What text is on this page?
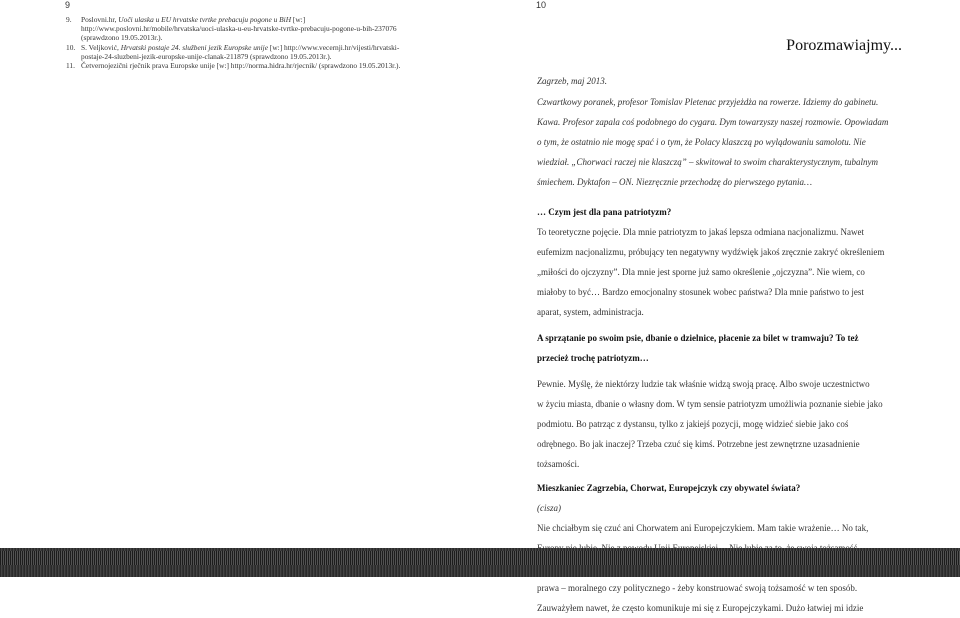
9
9. Poslovni.hr, Uoči ulaska u EU hrvatske tvrtke prebacuju pogone u BiH [w:]
http://www.poslovni.hr/mobile/hrvatska/uoci-ulaska-u-eu-hrvatske-tvrtke-prebacuju-pogone-u-bih-237076
(sprawdzono 19.05.2013r.).
10. S. Veljković, Hrvatski postaje 24. službeni jezik Europske unije [w:] http://www.vecernji.hr/vijesti/hrvatski-
postaje-24-sluzbeni-jezik-europske-unije-clanak-211879 (sprawdzono 19.05.2013r.).
11. Četvernojezični rječnik prava Europske unije [w:] http://norma.hidra.hr/rjecnik/ (sprawdzono 19.05.2013r.).
10
Porozmawiajmy...
Zagrzeb, maj 2013.
Czwartkowy poranek, profesor Tomislav Pletenac przyjeżdża na rowerze. Idziemy do gabinetu.
Kawa. Profesor zapala coś podobnego do cygara. Dym towarzyszy naszej rozmowie. Opowiadam
o tym, że ostatnio nie mogę spać i o tym, że Polacy klaszczą po wylądowaniu samolotu. Nie
wiedział. „Chorwaci raczej nie klaszczą” – skwitował to swoim charakterystycznym, tubalnym
śmiechem. Dyktafon – ON. Niezręcznie przechodzę do pierwszego pytania…
… Czym jest dla pana patriotyzm?
To teoretyczne pojęcie. Dla mnie patriotyzm to jakaś lepsza odmiana nacjonalizmu. Nawet
eufemizm nacjonalizmu, próbujący ten negatywny wydźwięk jakoś zręcznie zakryć określeniem
„miłości do ojczyzny”. Dla mnie jest sporne już samo określenie „ojczyzna”. Nie wiem, co
miałoby to być… Bardzo emocjonalny stosunek wobec państwa? Dla mnie państwo to jest
aparat, system, administracja.
A sprzątanie po swoim psie, dbanie o dzielnice, płacenie za bilet w tramwaju? To też
przecież trochę patriotyzm…
Pewnie. Myślę, że niektórzy ludzie tak właśnie widzą swoją pracę. Albo swoje uczestnictwo
w życiu miasta, dbanie o własny dom. W tym sensie patriotyzm umożliwia poznanie siebie jako
podmiotu. Bo patrząc z dystansu, tylko z jakiejś pozycji, mogę widzieć siebie jako coś
odrębnego. Bo jak inaczej? Trzeba czuć się kimś. Potrzebne jest zewnętrzne uzasadnienie
tożsamości.
Mieszkaniec Zagrzebia, Chorwat, Europejczyk czy obywatel świata?
(cisza)
Nie chciałbym się czuć ani Chorwatem ani Europejczykiem. Mam takie wrażenie… No tak,
prawa – moralnego czy politycznego - żeby konstruować swoją tożsamość w ten sposób.
Zauważyłem nawet, że często komunikuje mi się z Europejczykami. Dużo łatwiej mi idzie
